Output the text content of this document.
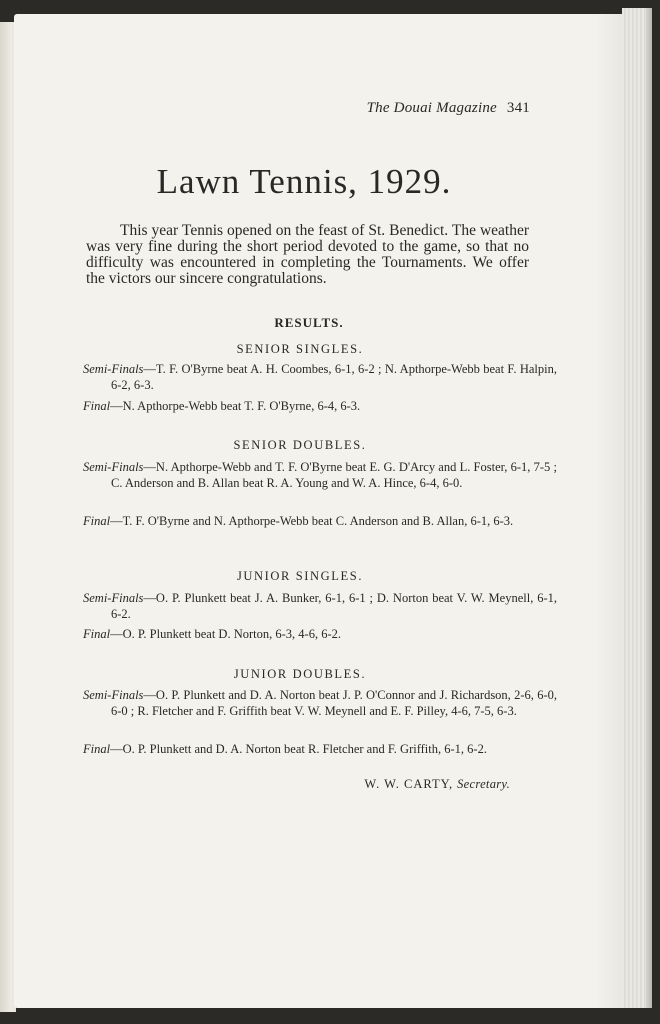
The Douai Magazine 341
Lawn Tennis, 1929.

This year Tennis opened on the feast of St. Benedict. The weather was very fine during the short period devoted to the game, so that no difficulty was encountered in completing the Tournaments. We offer the victors our sincere congratulations.

RESULTS.
SENIOR SINGLES.

Semi-Finals—T. F. O'Byrne beat A. H. Coombes, 6-1, 6-2 ; N. Apthorpe-Webb beat F. Halpin, 6-2, 6-3.

Final—N. Apthorpe-Webb beat T. F. O'Byrne, 6-4, 6-3.

SENIOR DOUBLES.

Semi-Finals—N. Apthorpe-Webb and T. F. O'Byrne beat E. G. D'Arcy and L. Foster, 6-1, 7-5 ; C. Anderson and B. Allan beat R. A. Young and W. A. Hince, 6-4, 6-0.

Final—T. F. O'Byrne and N. Apthorpe-Webb beat C. Anderson and B. Allan, 6-1, 6-3.

JUNIOR SINGLES.

Semi-Finals—O. P. Plunkett beat J. A. Bunker, 6-1, 6-1 ; D. Norton beat V. W. Meynell, 6-1, 6-2.

Final—O. P. Plunkett beat D. Norton, 6-3, 4-6, 6-2.

JUNIOR DOUBLES.

Semi-Finals—O. P. Plunkett and D. A. Norton beat J. P. O'Connor and J. Richardson, 2-6, 6-0, 6-0 ; R. Fletcher and F. Griffith beat V. W. Meynell and E. F. Pilley, 4-6, 7-5, 6-3.

Final—O. P. Plunkett and D. A. Norton beat R. Fletcher and F. Griffith, 6-1, 6-2.

W. W. CARTY, Secretary.
